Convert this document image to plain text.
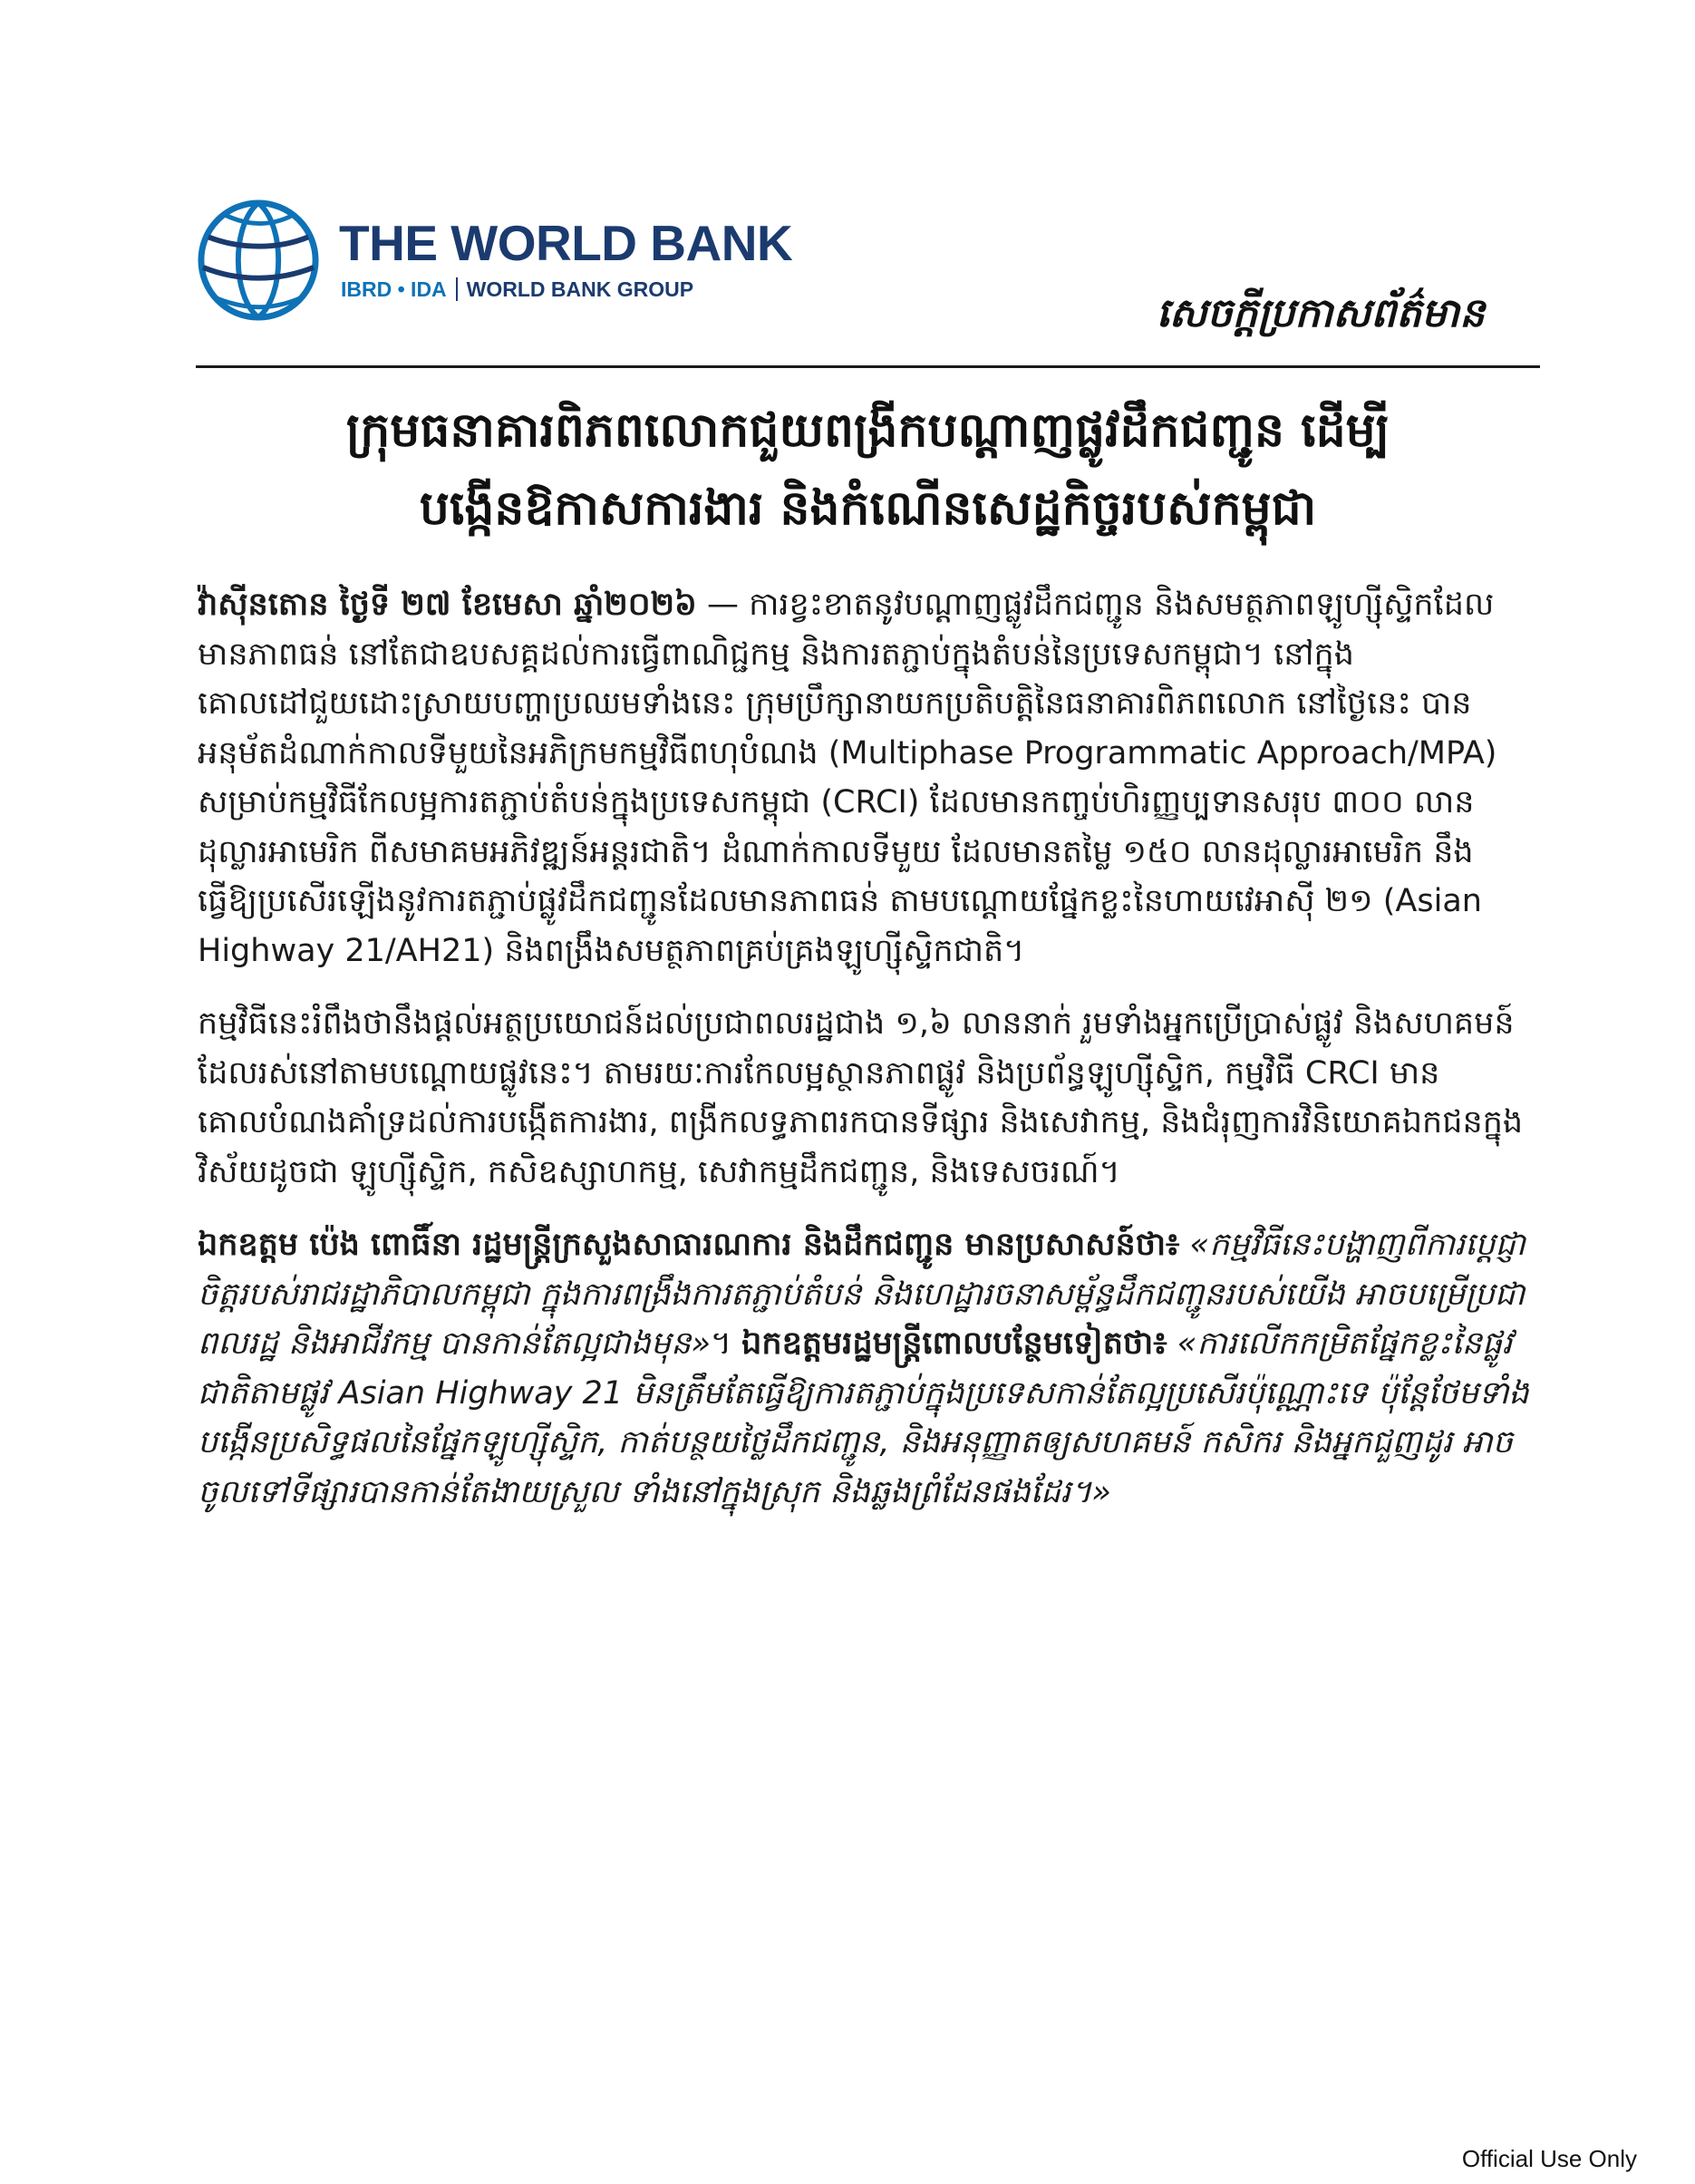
THE WORLD BANK
IBRD • IDA WORLD BANK GROUP
សេចក្តីប្រកាសព័ត៌មាន
ក្រុមធនាគារពិភពលោកជួយពង្រីកបណ្តាញផ្លូវដឹកជញ្ជូន ដើម្បី
បង្កើនឱកាសការងារ និងកំណើនសេដ្ឋកិច្ចរបស់កម្ពុជា

វ៉ាស៊ីនតោន ថ្ងៃទី ២៧ ខែមេសា ឆ្នាំ២០២៦ — ការខ្វះខាតនូវបណ្តាញផ្លូវដឹកជញ្ជូន និងសមត្ថភាពឡូហ្ស៊ីស្ទិកដែលមានភាពធន់ នៅតែជាឧបសគ្គដល់ការធ្វើពាណិជ្ជកម្ម និងការតភ្ជាប់ក្នុងតំបន់នៃប្រទេសកម្ពុជា។ នៅក្នុងគោលដៅជួយដោះស្រាយបញ្ហាប្រឈមទាំងនេះ ក្រុមប្រឹក្សានាយកប្រតិបត្តិនៃធនាគារពិភពលោក នៅថ្ងៃនេះ បានអនុម័តដំណាក់កាលទីមួយនៃអភិក្រមកម្មវិធីពហុបំណង (Multiphase Programmatic Approach/MPA) សម្រាប់កម្មវិធីកែលម្អការតភ្ជាប់តំបន់ក្នុងប្រទេសកម្ពុជា (CRCI) ដែលមានកញ្ចប់ហិរញ្ញប្បទានសរុប ៣០០ លានដុល្លារអាមេរិក ពីសមាគមអភិវឌ្ឍន៍អន្តរជាតិ។ ដំណាក់កាលទីមួយ ដែលមានតម្លៃ ១៥០ លានដុល្លារអាមេរិក នឹងធ្វើឱ្យប្រសើរឡើងនូវការតភ្ជាប់ផ្លូវដឹកជញ្ជូនដែលមានភាពធន់ តាមបណ្តោយផ្នែកខ្លះនៃហាយវេអាស៊ី ២១ (Asian Highway 21/AH21) និងពង្រឹងសមត្ថភាពគ្រប់គ្រងឡូហ្ស៊ីស្ទិកជាតិ។

កម្មវិធីនេះរំពឹងថានឹងផ្តល់អត្ថប្រយោជន៍ដល់ប្រជាពលរដ្ឋជាង ១,៦ លាននាក់ រួមទាំងអ្នកប្រើប្រាស់ផ្លូវ និងសហគមន៍ដែលរស់នៅតាមបណ្តោយផ្លូវនេះ។ តាមរយៈការកែលម្អស្ថានភាពផ្លូវ និងប្រព័ន្ធឡូហ្ស៊ីស្ទិក, កម្មវិធី CRCI មានគោលបំណងគាំទ្រដល់ការបង្កើតការងារ, ពង្រីកលទ្ធភាពរកបានទីផ្សារ និងសេវាកម្ម, និងជំរុញការវិនិយោគឯកជនក្នុងវិស័យដូចជា ឡូហ្ស៊ីស្ទិក, កសិឧស្សាហកម្ម, សេវាកម្មដឹកជញ្ជូន, និងទេសចរណ៍។

ឯកឧត្តម ប៉េង ពោធិ៍នា រដ្ឋមន្ត្រីក្រសួងសាធារណការ និងដឹកជញ្ជូន មានប្រសាសន៍ថា៖ «កម្មវិធីនេះបង្ហាញពីការប្តេជ្ញាចិត្តរបស់រាជរដ្ឋាភិបាលកម្ពុជា ក្នុងការពង្រឹងការតភ្ជាប់តំបន់ និងហេដ្ឋារចនាសម្ព័ន្ធដឹកជញ្ជូនរបស់យើង អាចបម្រើប្រជាពលរដ្ឋ និងអាជីវកម្ម បានកាន់តែល្អជាងមុន»។ ឯកឧត្តមរដ្ឋមន្ត្រីពោលបន្ថែមទៀតថា៖ «ការលើកកម្រិតផ្នែកខ្លះនៃផ្លូវជាតិតាមផ្លូវ Asian Highway 21 មិនត្រឹមតែធ្វើឱ្យការតភ្ជាប់ក្នុងប្រទេសកាន់តែល្អប្រសើរប៉ុណ្ណោះទេ ប៉ុន្តែថែមទាំងបង្កើនប្រសិទ្ធផលនៃផ្នែកឡូហ្ស៊ីស្ទិក, កាត់បន្ថយថ្លៃដឹកជញ្ជូន, និងអនុញ្ញាតឲ្យសហគមន៍ កសិករ និងអ្នកជួញដូរ អាចចូលទៅទីផ្សារបានកាន់តែងាយស្រួល ទាំងនៅក្នុងស្រុក និងឆ្លងព្រំដែនផងដែរ។»

Official Use Only
